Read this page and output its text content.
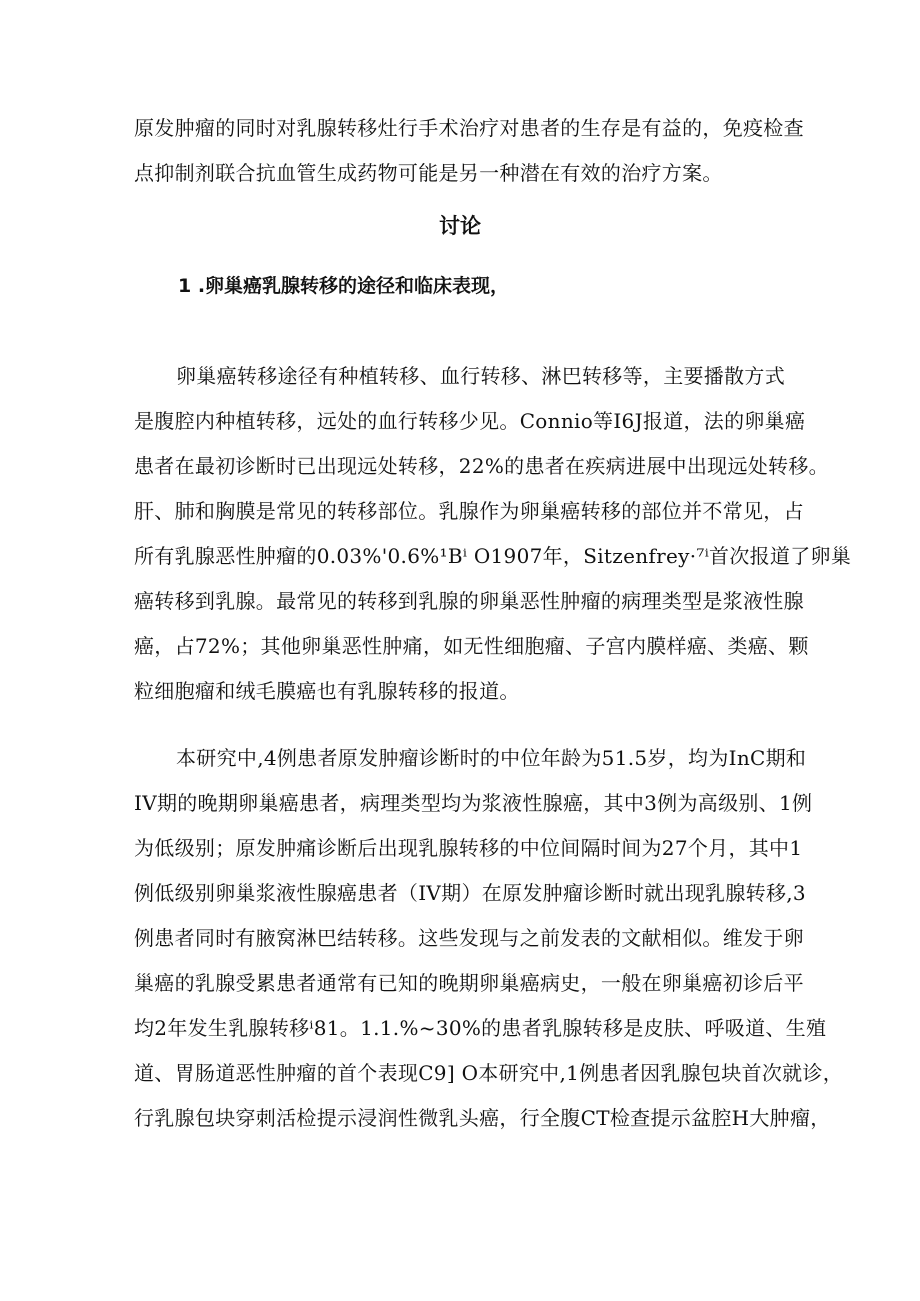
原发肿瘤的同时对乳腺转移灶行手术治疗对患者的生存是有益的，免疫检查
点抑制剂联合抗血管生成药物可能是另一种潜在有效的治疗方案。

讨论
1 .卵巢癌乳腺转移的途径和临床表现，

卵巢癌转移途径有种植转移、血行转移、淋巴转移等，主要播散方式
是腹腔内种植转移，远处的血行转移少见。Connio等I6J报道，法的卵巢癌
患者在最初诊断时已出现远处转移，22%的患者在疾病进展中出现远处转移。
肝、肺和胸膜是常见的转移部位。乳腺作为卵巢癌转移的部位并不常见，占
所有乳腺恶性肿瘤的0.03%'0.6%¹Bⁱ O1907年，Sitzenfrey·⁷ⁱ首次报道了卵巢
癌转移到乳腺。最常见的转移到乳腺的卵巢恶性肿瘤的病理类型是浆液性腺
癌，占72%；其他卵巢恶性肿痛，如无性细胞瘤、子宫内膜样癌、类癌、颗
粒细胞瘤和绒毛膜癌也有乳腺转移的报道。

本研究中,4例患者原发肿瘤诊断时的中位年龄为51.5岁，均为InC期和
IV期的晚期卵巢癌患者，病理类型均为浆液性腺癌，其中3例为高级别、1例
为低级别；原发肿痛诊断后出现乳腺转移的中位间隔时间为27个月，其中1
例低级别卵巢浆液性腺癌患者（IV期）在原发肿瘤诊断时就出现乳腺转移,3
例患者同时有腋窝淋巴结转移。这些发现与之前发表的文献相似。维发于卵
巢癌的乳腺受累患者通常有已知的晚期卵巢癌病史，一般在卵巢癌初诊后平
均2年发生乳腺转移ⁱ81。1.1.%~30%的患者乳腺转移是皮肤、呼吸道、生殖
道、胃肠道恶性肿瘤的首个表现C9] O本研究中,1例患者因乳腺包块首次就诊，
行乳腺包块穿刺活检提示浸润性微乳头癌，行全腹CT检查提示盆腔H大肿瘤，
